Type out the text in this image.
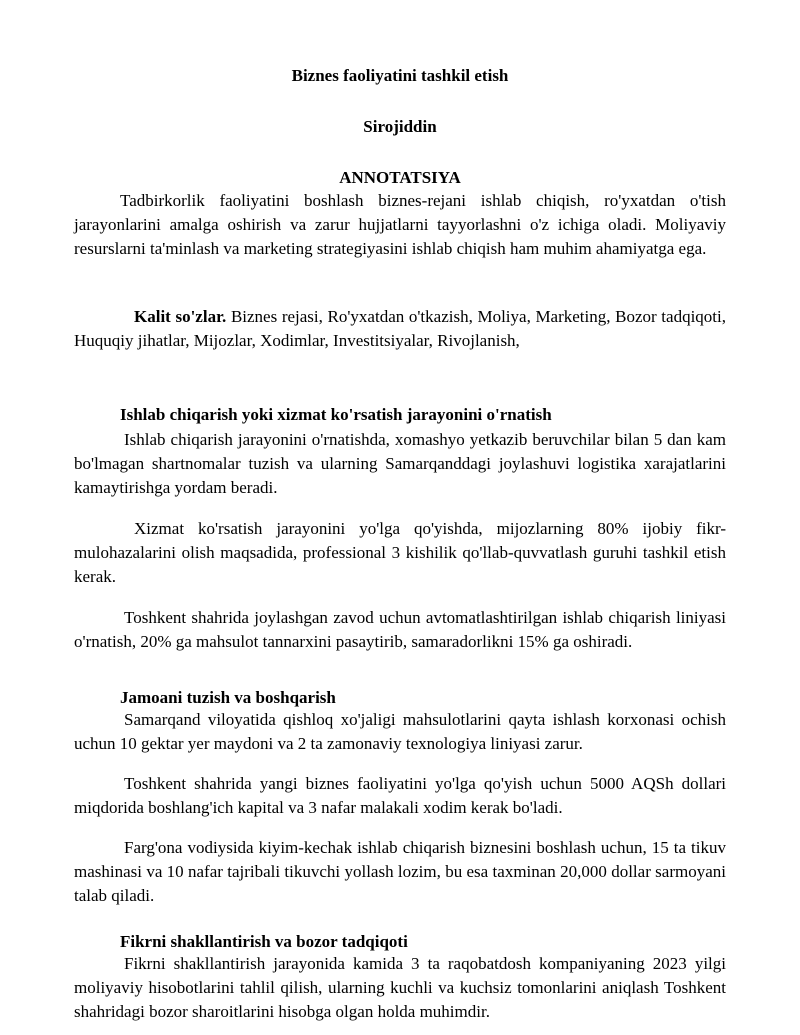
Biznes faoliyatini tashkil etish
Sirojiddin
ANNOTATSIYA
Tadbirkorlik faoliyatini boshlash biznes-rejani ishlab chiqish, ro'yxatdan o'tish jarayonlarini amalga oshirish va zarur hujjatlarni tayyorlashni o'z ichiga oladi. Moliyaviy resurslarni ta'minlash va marketing strategiyasini ishlab chiqish ham muhim ahamiyatga ega.
Kalit so'zlar. Biznes rejasi, Ro'yxatdan o'tkazish, Moliya, Marketing, Bozor tadqiqoti, Huquqiy jihatlar, Mijozlar, Xodimlar, Investitsiyalar, Rivojlanish,
Ishlab chiqarish yoki xizmat ko'rsatish jarayonini o'rnatish
Ishlab chiqarish jarayonini o'rnatishda, xomashyo yetkazib beruvchilar bilan 5 dan kam bo'lmagan shartnomalar tuzish va ularning Samarqanddagi joylashuvi logistika xarajatlarini kamaytirishga yordam beradi.
Xizmat ko'rsatish jarayonini yo'lga qo'yishda, mijozlarning 80% ijobiy fikr-mulohazalarini olish maqsadida, professional 3 kishilik qo'llab-quvvatlash guruhi tashkil etish kerak.
Toshkent shahrida joylashgan zavod uchun avtomatlashtirilgan ishlab chiqarish liniyasi o'rnatish, 20% ga mahsulot tannarxini pasaytirib, samaradorlikni 15% ga oshiradi.
Jamoani tuzish va boshqarish
Samarqand viloyatida qishloq xo'jaligi mahsulotlarini qayta ishlash korxonasi ochish uchun 10 gektar yer maydoni va 2 ta zamonaviy texnologiya liniyasi zarur.
Toshkent shahrida yangi biznes faoliyatini yo'lga qo'yish uchun 5000 AQSh dollari miqdorida boshlang'ich kapital va 3 nafar malakali xodim kerak bo'ladi.
Farg'ona vodiysida kiyim-kechak ishlab chiqarish biznesini boshlash uchun, 15 ta tikuv mashinasi va 10 nafar tajribali tikuvchi yollash lozim, bu esa taxminan 20,000 dollar sarmoyani talab qiladi.
Fikrni shakllantirish va bozor tadqiqoti
Fikrni shakllantirish jarayonida kamida 3 ta raqobatdosh kompaniyaning 2023 yilgi moliyaviy hisobotlarini tahlil qilish, ularning kuchli va kuchsiz tomonlarini aniqlash Toshkent shahridagi bozor sharoitlarini hisobga olgan holda muhimdir.
